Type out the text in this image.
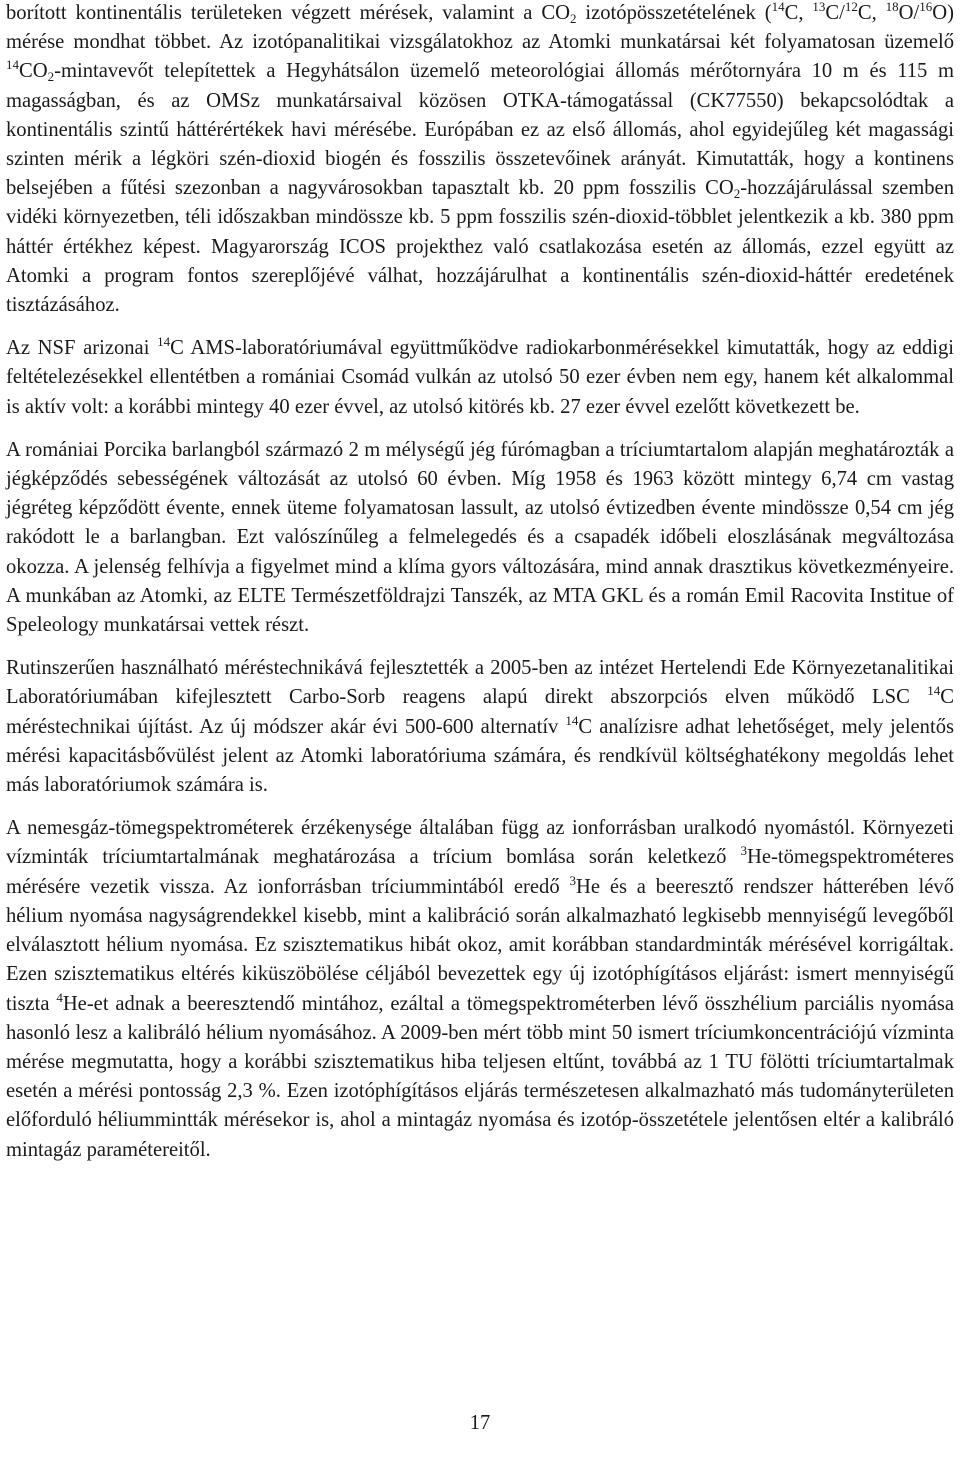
borított kontinentális területeken végzett mérések, valamint a $CO_2$ izotópösszetételének ($^{14}$C, $^{13}$C/$^{12}$C, $^{18}$O/$^{16}$O) mérése mondhat többet. Az izotópanalitikai vizsgálatokhoz az Atomki munkatársai két folyamatosan üzemelő $^{14}CO_2$-mintavevőt telepítettek a Hegyhátsálon üzemelő meteorológiai állomás mérőtornyára 10 m és 115 m magasságban, és az OMSz munkatársaival közösen OTKA-támogatással (CK77550) bekapcsolódtak a kontinentális szintű háttérértékek havi mérésébe. Európában ez az első állomás, ahol egyidejűleg két magassági szinten mérik a légköri szén-dioxid biogén és fosszilis összetevőinek arányát. Kimutatták, hogy a kontinens belsejében a fűtési szezonban a nagyvárosokban tapasztalt kb. 20 ppm fosszilis $CO_2$-hozzájárulással szemben vidéki környezetben, téli időszakban mindössze kb. 5 ppm fosszilis szén-dioxid-többlet jelentkezik a kb. 380 ppm háttér értékhez képest. Magyarország ICOS projekthez való csatlakozása esetén az állomás, ezzel együtt az Atomki a program fontos szereplőjévé válhat, hozzájárulhat a kontinentális szén-dioxid-háttér eredetének tisztázásához.

Az NSF arizonai $^{14}$C AMS-laboratóriumával együttműködve radiokarbonmérésekkel kimutatták, hogy az eddigi feltételezésekkel ellentétben a romániai Csomád vulkán az utolsó 50 ezer évben nem egy, hanem két alkalommal is aktív volt: a korábbi mintegy 40 ezer évvel, az utolsó kitörés kb. 27 ezer évvel ezelőtt következett be.

A romániai Porcika barlangból származó 2 m mélységű jég fúrómagban a tríciumtartalom alapján meghatározták a jégképződés sebességének változását az utolsó 60 évben. Míg 1958 és 1963 között mintegy 6,74 cm vastag jégréteg képződött évente, ennek üteme folyamatosan lassult, az utolsó évtizedben évente mindössze 0,54 cm jég rakódott le a barlangban. Ezt valószínűleg a felmelegedés és a csapadék időbeli eloszlásának megváltozása okozza. A jelenség felhívja a figyelmet mind a klíma gyors változására, mind annak drasztikus következményeire. A munkában az Atomki, az ELTE Természetföldrajzi Tanszék, az MTA GKL és a román Emil Racovita Institue of Speleology munkatársai vettek részt.

Rutinszerűen használható méréstechnikává fejlesztették a 2005-ben az intézet Hertelendi Ede Környezetanalitikai Laboratóriumában kifejlesztett Carbo-Sorb reagens alapú direkt abszorpciós elven működő LSC $^{14}$C méréstechnikai újítást. Az új módszer akár évi 500-600 alternatív $^{14}$C analízisre adhat lehetőséget, mely jelentős mérési kapacitásbővülést jelent az Atomki laboratóriuma számára, és rendkívül költséghatékony megoldás lehet más laboratóriumok számára is.

A nemesgáz-tömegspektrométerek érzékenysége általában függ az ionforrásban uralkodó nyomástól. Környezeti vízminták tríciumtartalmának meghatározása a trícium bomlása során keletkező $^3$He-tömegspektrométeres mérésére vezetik vissza. Az ionforrásban tríciummintából eredő $^3$He és a beeresztő rendszer hátterében lévő hélium nyomása nagyságrendekkel kisebb, mint a kalibráció során alkalmazható legkisebb mennyiségű levegőből elválasztott hélium nyomása. Ez szisztematikus hibát okoz, amit korábban standardminták mérésével korrigáltak. Ezen szisztematikus eltérés kiküszöbölése céljából bevezettek egy új izotóphígításos eljárást: ismert mennyiségű tiszta $^4$He-et adnak a beeresztendő mintához, ezáltal a tömegspektrométerben lévő összhélium parciális nyomása hasonló lesz a kalibráló hélium nyomásához. A 2009-ben mért több mint 50 ismert tríciumkoncentrációjú vízminta mérése megmutatta, hogy a korábbi szisztematikus hiba teljesen eltűnt, továbbá az 1 TU fölötti tríciumtartalmak esetén a mérési pontosság 2,3 %. Ezen izotóphígításos eljárás természetesen alkalmazható más tudományterületen előforduló héliummintták mérésekor is, ahol a mintagáz nyomása és izotóp-összetétele jelentősen eltér a kalibráló mintagáz paramétereitől.

17
